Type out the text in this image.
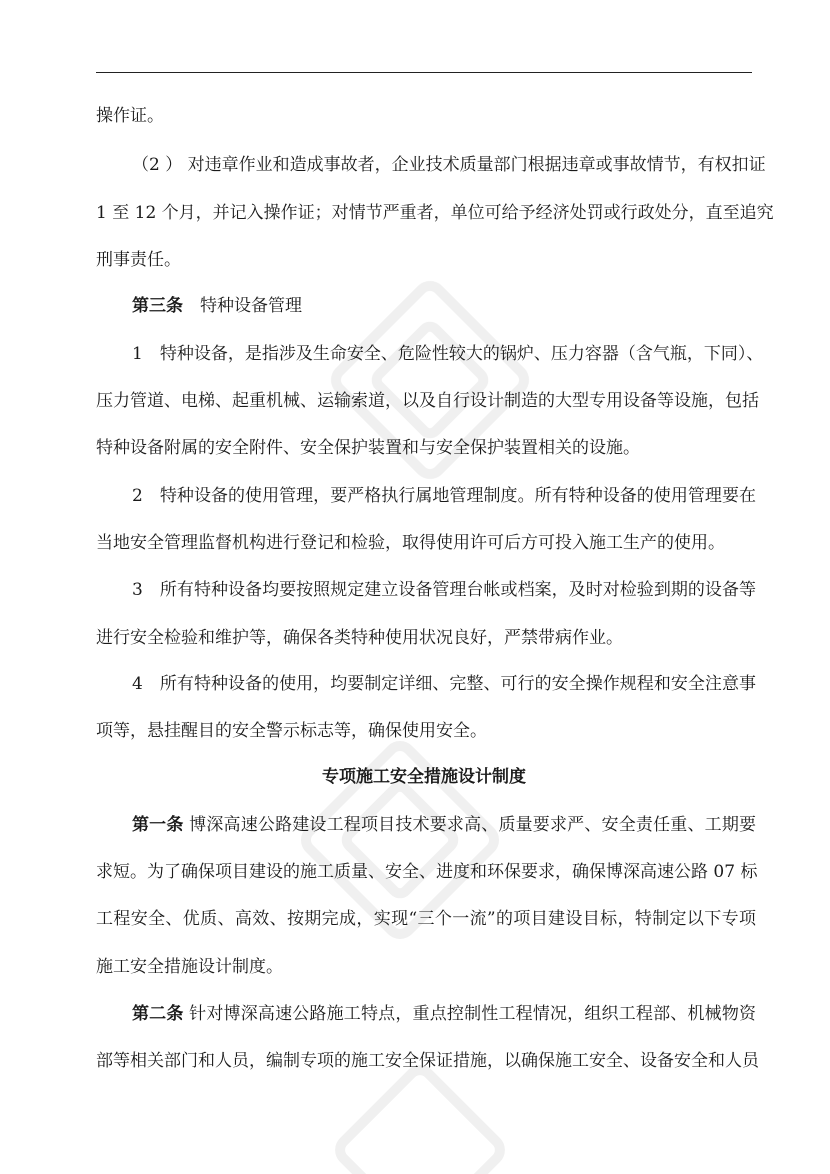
操作证。
（2 ） 对违章作业和造成事故者，企业技术质量部门根据违章或事故情节，有权扣证
1 至 12 个月，并记入操作证；对情节严重者，单位可给予经济处罚或行政处分，直至追究
刑事责任。
第三条　特种设备管理
1　特种设备，是指涉及生命安全、危险性较大的锅炉、压力容器（含气瓶，下同）、
压力管道、电梯、起重机械、运输索道，以及自行设计制造的大型专用设备等设施，包括
特种设备附属的安全附件、安全保护装置和与安全保护装置相关的设施。
2　特种设备的使用管理，要严格执行属地管理制度。所有特种设备的使用管理要在
当地安全管理监督机构进行登记和检验，取得使用许可后方可投入施工生产的使用。
3　所有特种设备均要按照规定建立设备管理台帐或档案，及时对检验到期的设备等
进行安全检验和维护等，确保各类特种使用状况良好，严禁带病作业。
4　所有特种设备的使用，均要制定详细、完整、可行的安全操作规程和安全注意事
项等，悬挂醒目的安全警示标志等，确保使用安全。
专项施工安全措施设计制度
第一条 博深高速公路建设工程项目技术要求高、质量要求严、安全责任重、工期要
求短。为了确保项目建设的施工质量、安全、进度和环保要求，确保博深高速公路 07 标
工程安全、优质、高效、按期完成，实现“三个一流”的项目建设目标，特制定以下专项
施工安全措施设计制度。
第二条 针对博深高速公路施工特点，重点控制性工程情况，组织工程部、机械物资
部等相关部门和人员，编制专项的施工安全保证措施，以确保施工安全、设备安全和人员
